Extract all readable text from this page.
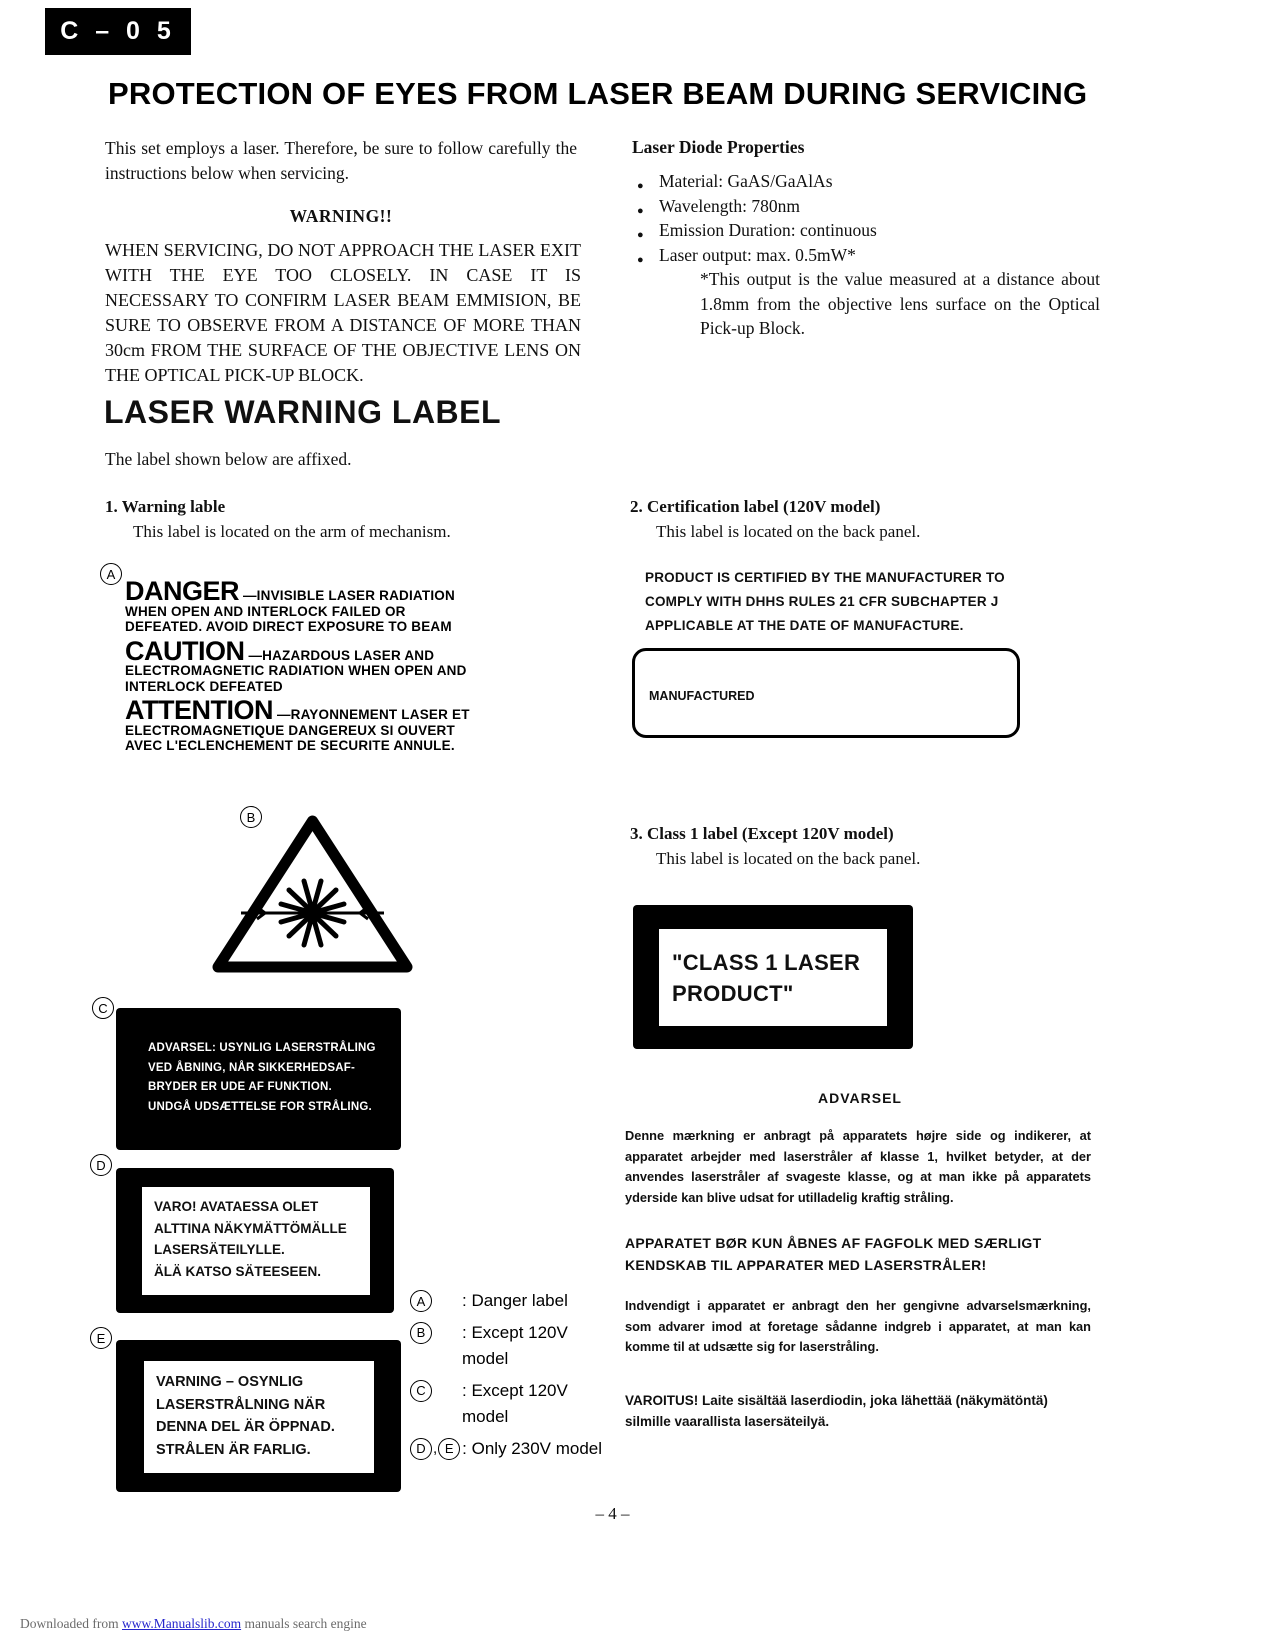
C – 0 5
PROTECTION OF EYES FROM LASER BEAM DURING SERVICING

This set employs a laser. Therefore, be sure to follow carefully the instructions below when servicing.

WARNING!!

WHEN SERVICING, DO NOT APPROACH THE LASER EXIT WITH THE EYE TOO CLOSELY. IN CASE IT IS NECESSARY TO CONFIRM LASER BEAM EMMISION, BE SURE TO OBSERVE FROM A DISTANCE OF MORE THAN 30cm FROM THE SURFACE OF THE OBJECTIVE LENS ON THE OPTICAL PICK-UP BLOCK.

Laser Diode Properties
● Material: GaAS/GaAlAs
● Wavelength: 780nm
● Emission Duration: continuous
● Laser output: max. 0.5mW*

*This output is the value measured at a distance about 1.8mm from the objective lens surface on the Optical Pick-up Block.

LASER WARNING LABEL
The label shown below are affixed.
1. Warning lable
This label is located on the arm of mechanism.
2. Certification label (120V model)
This label is located on the back panel.
PRODUCT IS CERTIFIED BY THE MANUFACTURER TO COMPLY WITH DHHS RULES 21 CFR SUBCHAPTER J APPLICABLE AT THE DATE OF MANUFACTURE.
MANUFACTURED
A

DANGER —INVISIBLE LASER RADIATION WHEN OPEN AND INTERLOCK FAILED OR DEFEATED. AVOID DIRECT EXPOSURE TO BEAM

CAUTION —HAZARDOUS LASER AND ELECTROMAGNETIC RADIATION WHEN OPEN AND INTERLOCK DEFEATED

ATTENTION —RAYONNEMENT LASER ET ELECTROMAGNETIQUE DANGEREUX SI OUVERT AVEC L'ECLENCHEMENT DE SECURITE ANNULE.

B
C
ADVARSEL: USYNLIG LASERSTRÅLING
VED ÅBNING, NÅR SIKKERHEDSAF-
BRYDER ER UDE AF FUNKTION.
UNDGÅ UDSÆTTELSE FOR STRÅLING.
D
VARO! AVATAESSA OLET
ALTTINA NÄKYMÄTTÖMÄLLE
LASERSÄTEILYLLE.
ÄLÄ KATSO SÄTEESEEN.
E
VARNING – OSYNLIG
LASERSTRÅLNING NÄR
DENNA DEL ÄR ÖPPNAD.
STRÅLEN ÄR FARLIG.
3. Class 1 label (Except 120V model)
This label is located on the back panel.
"CLASS 1 LASER
PRODUCT"
ADVARSEL

Denne mærkning er anbragt på apparatets højre side og indikerer, at apparatet arbejder med laserstråler af klasse 1, hvilket betyder, at der anvendes laserstråler af svageste klasse, og at man ikke på apparatets yderside kan blive udsat for utilladelig kraftig stråling.

APPARATET BØR KUN ÅBNES AF FAGFOLK MED SÆRLIGT KENDSKAB TIL APPARATER MED LASERSTRÅLER!

Indvendigt i apparatet er anbragt den her gengivne advarselsmærkning, som advarer imod at foretage sådanne indgreb i apparatet, at man kan komme til at udsætte sig for laserstråling.

VAROITUS! Laite sisältää laserdiodin, joka lähettää (näkymätöntä) silmille vaarallista lasersäteilyä.

A	: Danger label
B	: Except 120V model
C	: Except 120V model
D , E : Only 230V model
– 4 –
Downloaded from www.Manualslib.com manuals search engine
